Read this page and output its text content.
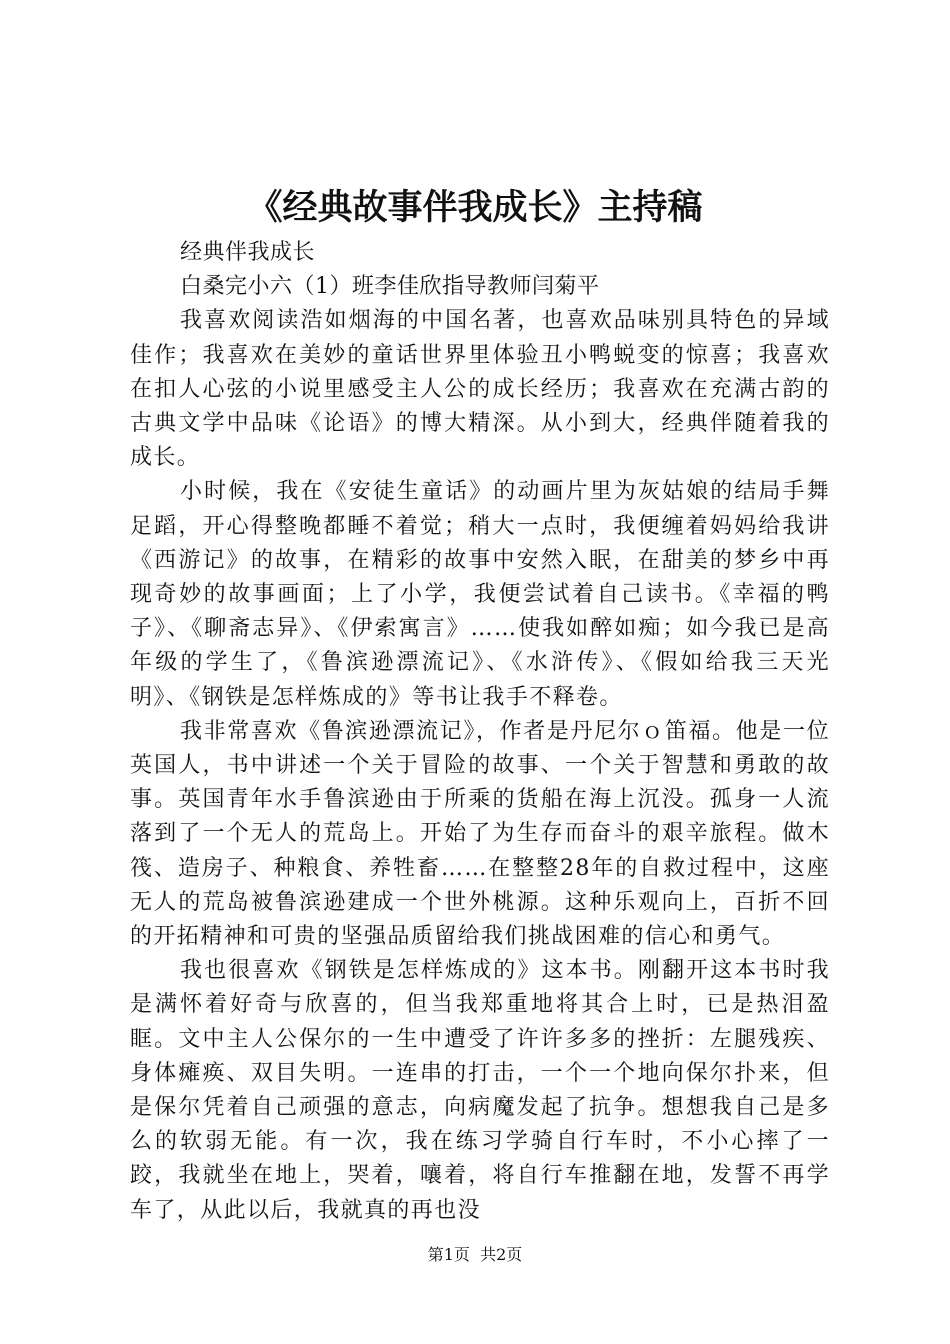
《经典故事伴我成长》主持稿

经典伴我成长

白桑完小六（1）班李佳欣指导教师闫菊平

我喜欢阅读浩如烟海的中国名著，也喜欢品味别具特色的异域佳作；我喜欢在美妙的童话世界里体验丑小鸭蜕变的惊喜；我喜欢在扣人心弦的小说里感受主人公的成长经历；我喜欢在充满古韵的古典文学中品味《论语》的博大精深。从小到大，经典伴随着我的成长。

小时候，我在《安徒生童话》的动画片里为灰姑娘的结局手舞足蹈，开心得整晚都睡不着觉；稍大一点时，我便缠着妈妈给我讲《西游记》的故事，在精彩的故事中安然入眠，在甜美的梦乡中再现奇妙的故事画面；上了小学，我便尝试着自己读书。《幸福的鸭子》、《聊斋志异》、《伊索寓言》……使我如醉如痴；如今我已是高年级的学生了，《鲁滨逊漂流记》、《水浒传》、《假如给我三天光明》、《钢铁是怎样炼成的》等书让我手不释卷。

我非常喜欢《鲁滨逊漂流记》，作者是丹尼尔ｏ笛福。他是一位英国人，书中讲述一个关于冒险的故事、一个关于智慧和勇敢的故事。英国青年水手鲁滨逊由于所乘的货船在海上沉没。孤身一人流落到了一个无人的荒岛上。开始了为生存而奋斗的艰辛旅程。做木筏、造房子、种粮食、养牲畜……在整整28年的自救过程中，这座无人的荒岛被鲁滨逊建成一个世外桃源。这种乐观向上，百折不回的开拓精神和可贵的坚强品质留给我们挑战困难的信心和勇气。

我也很喜欢《钢铁是怎样炼成的》这本书。刚翻开这本书时我是满怀着好奇与欣喜的，但当我郑重地将其合上时，已是热泪盈眶。文中主人公保尔的一生中遭受了许许多多的挫折：左腿残疾、身体瘫痪、双目失明。一连串的打击，一个一个地向保尔扑来，但是保尔凭着自己顽强的意志，向病魔发起了抗争。想想我自己是多么的软弱无能。有一次，我在练习学骑自行车时，不小心摔了一跤，我就坐在地上，哭着，嚷着，将自行车推翻在地，发誓不再学车了，从此以后，我就真的再也没

第1页  共2页
